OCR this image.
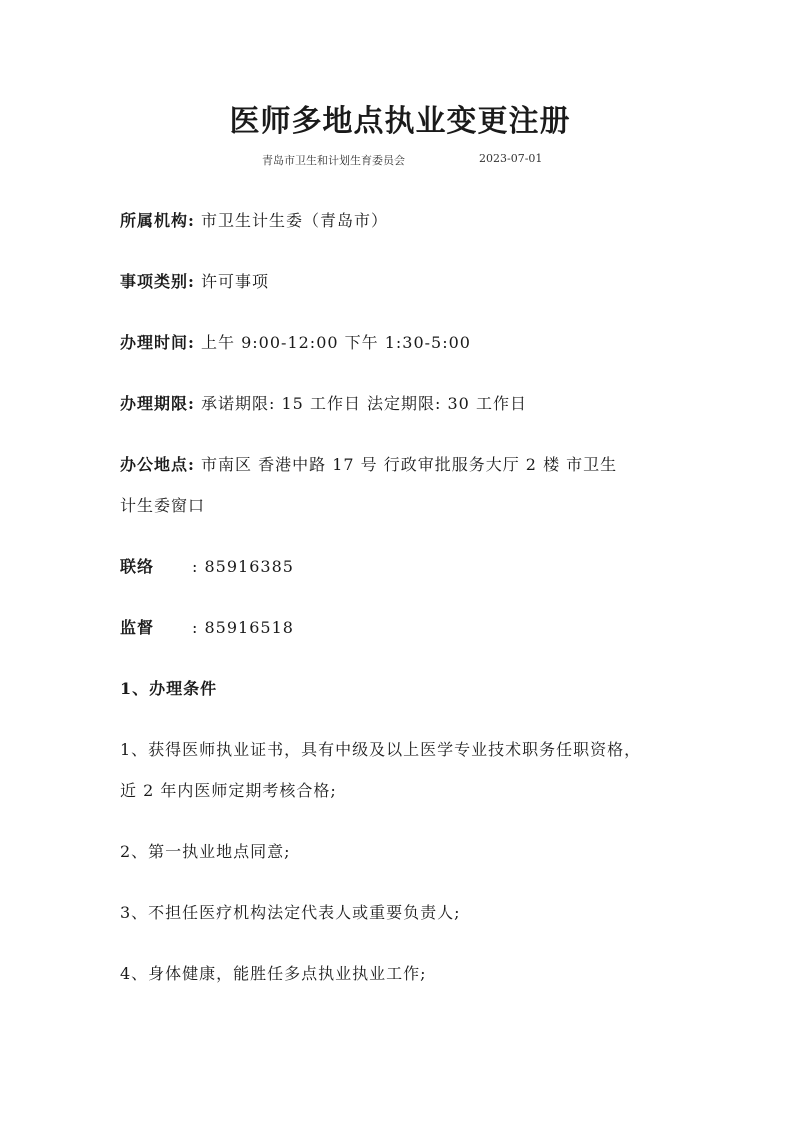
医师多地点执业变更注册
青岛市卫生和计划生育委员会	2023-07-01
所属机构: 市卫生计生委（青岛市）
事项类别: 许可事项
办理时间: 上午 9:00-12:00 下午 1:30-5:00
办理期限: 承诺期限: 15 工作日 法定期限: 30 工作日
办公地点: 市南区 香港中路 17 号 行政审批服务大厅 2 楼 市卫生
计生委窗口
联络 : 85916385
监督 : 85916518
1、办理条件
1、获得医师执业证书，具有中级及以上医学专业技术职务任职资格，
近 2 年内医师定期考核合格;
2、第一执业地点同意;
3、不担任医疗机构法定代表人或重要负责人;
4、身体健康，能胜任多点执业执业工作;
